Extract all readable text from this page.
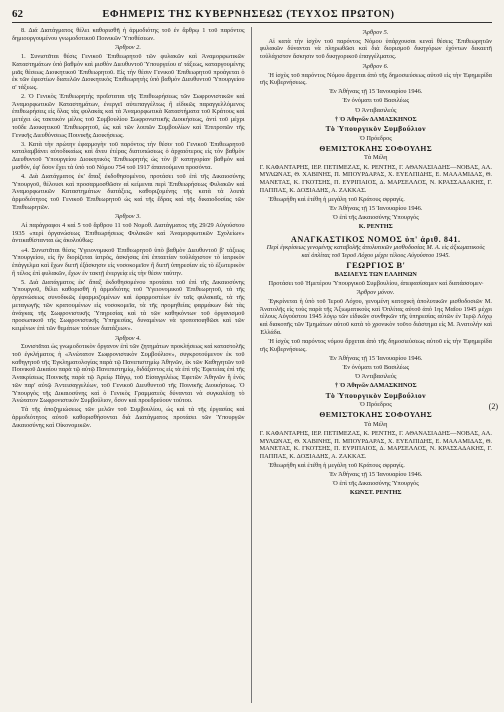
62	ΕΦΗΜΕΡΙΣ ΤΗΣ ΚΥΒΕΡΝΗΣΕΩΣ (ΤΕΥΧΟΣ ΠΡΩΤΟΝ)

8. Διά Διατάγματος θέλει καθορισθῆ ἡ ἀρμοδιότης τοῦ ἐν ἄρθρῳ 1 τοῦ παρόντος δημιουργουμένου γνωμοδοτικοῦ Ποινικῶν Ὑποθέσεων.

Ἄρθρον 2.

1. Συνιστᾶται θέσις Γενικοῦ Ἐπιθεωρητοῦ τῶν φυλακῶν καὶ Ἀναμορφωτικῶν Καταστημάτων ὑπὸ βαθμὸν καὶ μισθὸν Διευθυντοῦ Ὑπουργείου α' τάξεως, καταργουμένης μιᾶς θέσεως Διοικητικοῦ Ἐπιθεωρητοῦ. Εἰς τὴν θέσιν Γενικοῦ Ἐπιθεωρητοῦ προάγεται ὁ ἐκ τῶν ἐφεστίων διατελῶν Διοικητικὸς Ἐπιθεωρητὴς ὑπὸ βαθμὸν Διευθυντοῦ Ὑπουργείου α' τάξεως.

2. Ὁ Γενικὸς Ἐπιθεωρητὴς προΐσταται τῆς Ἐπιθεωρήσεως τῶν Σωφρονιστικῶν καὶ Ἀναμορφωτικῶν Καταστημάτων, ἐνεργεῖ αὐτεπαγγέλτως ἢ εἰδικῶς παραγγελλόμενος ἐπιθεωρήσεις εἰς ὅλας τὰς φυλακὰς καὶ τὰ Ἀναμορφωτικὰ Καταστήματα τοῦ Κράτους καὶ μετέχει ὡς τακτικὸν μέλος τοῦ Συμβουλίου Σωφρονιστικῆς Διοικήσεως, ἀντὶ τοῦ μέχρι τοῦδε Διοικητικοῦ Ἐπιθεωρητοῦ, ὡς καὶ τῶν λοιπῶν Συμβουλίων καὶ Ἐπιτροπῶν τῆς Γενικῆς Διευθύνσεως Ποινικῆς Διοικήσεως.

3. Κατὰ τὴν πρώτην ἐφαρμογὴν τοῦ παρόντος τὴν θέσιν τοῦ Γενικοῦ Ἐπιθεωρητοῦ καταλαμβάνει αὐτοδικαίως καὶ ἄνευ ἑτέρας διατυπώσεως ὁ ἀρχαιότερος εἰς τὸν βαθμὸν Διευθυντοῦ Ὑπουργείου Διοικητικὸς Ἐπιθεωρητὴς ὡς τὸν β' κατηγορίαν βαθμὸν καὶ μισθόν, ἐφ' ὅσον ἔχει τὰ ὑπὸ τοῦ Νόμου 754 τοῦ 1917 ἀπαιτούμενα προσόντα.

4. Διὰ Διατάγματος ἐκ' ἅπαξ ἐκδοθησομένου, προτάσει τοῦ ἐπὶ τῆς Δικαιοσύνης Ὑπουργοῦ, θέλουσι καὶ προσαρμοσθῶσιν αἱ κείμεναι περὶ Ἐπιθεωρήσεως Φυλακῶν καὶ Ἀναμορφωτικῶν Καταστημάτων διατάξεις, καθοριζομένης τῆς κατὰ τὰ λοιπὰ ἀρμοδιότητος τοῦ Γενικοῦ Ἐπιθεωρητοῦ ὡς καὶ τῆς ἕδρας καὶ τῆς δικαιοδοσίας τῶν Ἐπιθεωρητῶν.

Ἄρθρον 3.

Αἱ παράγραφοι 4 καὶ 5 τοῦ ἄρθρου 11 τοῦ Νομοθ. Διατάγματος τῆς 29/29 Αὐγούστου 1935 «περὶ ὀργανώσεως Ἐπιθεωρήσεως Φυλακῶν καὶ Ἀναμορφωτικῶν Σχολείων» ἀντικαθίστανται ὡς ἀκολούθως:

«4. Συνιστᾶται θέσις Ὑγειονομικοῦ Ἐπιθεωρητοῦ ὑπὸ βαθμὸν Διευθυντοῦ β' τάξεως Ὑπουργείου, εἰς ἣν διορίζεται ἰατρὸς, ἀσκήσας ἐπὶ ἑπταετίαν τοὐλάχιστον τὸ ἰατρικὸν ἐπάγγελμα καὶ ἔχων διετῆ ἐξάσκησιν εἰς νοσοκομεῖον ἢ διετῆ ὑπηρεσίαν εἰς τὸ ἐξωτερικὸν ἢ τέλος ἐπὶ φυλακῶν, ἔχων ἐν τακτῇ ἐνεργείᾳ εἰς τὴν θέσιν ταύτην.

5. Διὰ Διατάγματος ἐκ' ἅπαξ ἐκδοθησομένου προτάσει τοῦ ἐπὶ τῆς Δικαιοσύνης Ὑπουργοῦ, θέλει καθορισθῆ ἡ ἀρμοδιότης τοῦ Ὑγειονομικοῦ Ἐπιθεωρητοῦ, τὰ τῆς ὀργανώσεως συνοδικῶς ἐφαρμοζομένων καὶ ἐφαρμοστέων ἐν ταῖς φυλακαῖς, τὰ τῆς μεταγωγῆς τῶν κρατουμένων εἰς νοσοκομεῖα, τὰ τῆς προμηθείας φαρμάκων διὰ τὰς ἀνάγκας τῆς Σωφρονιστικῆς Ὑπηρεσίας καὶ τὰ τῶν καθηκόντων τοῦ ὀργανισμοῦ προσωπικοῦ τῆς Σωφρονιστικῆς Ὑπηρεσίας, δυναμένων νὰ τροποποιηθῶσι καὶ τῶν κειμένων ἐπὶ τῶν θεμάτων τούτων διατάξεων».

Ἄρθρον 4.

Συνιστᾶται ὡς γνωμοδοτικὸν ὄργανον ἐπὶ τῶν ζητημάτων προκλήσεως καὶ καταστολῆς τοῦ ἐγκλήματος ἡ «Ἀνώτατον Σωφρονιστικὸν Συμβούλιον», συγκροτούμενον ἐκ τοῦ καθηγητοῦ τῆς Ἐγκληματολογίας παρὰ τῷ Πανεπιστημίῳ Ἀθηνῶν, ἐκ τῶν Καθηγητῶν τοῦ Ποινικοῦ Δικαίου παρὰ τῷ αὐτῷ Πανεπιστημίῳ, διδάξαντος εἰς τὰ ἐπὶ τῆς Ἐφετείας ἐπὶ τῆς Ἀνακρίσεως Ποινικῆς παρὰ τῷ Ἀρείῳ Πάγῳ, τοῦ Εἰσαγγελέως Ἐφετῶν Ἀθηνῶν ἢ ἑνὸς τῶν παρ' αὐτῷ Ἀντεισαγγελέων, τοῦ Γενικοῦ Διευθυντοῦ τῆς Ποινικῆς Διοικήσεως. Ὁ Ὑπουργὸς τῆς Δικαιοσύνης καὶ ὁ Γενικὸς Γραμματεὺς δύνανται νὰ συγκαλέσῃ τὸ Ἀνώτατον Σωφρονιστικὸν Συμβούλιον, ὅσον καὶ προεδρεύουν τούτου.

Τὰ τῆς ἀποζημιώσεως τῶν μελῶν τοῦ Συμβουλίου, ὡς καὶ τὰ τῆς ἐργασίας καὶ ἀρμοδιότητος αὐτοῦ καθορισθήσονται διὰ Διατάγματος προτάσει τῶν Ὑπουργῶν Δικαιοσύνης καὶ Οἰκονομικῶν.

Ἄρθρον 5.

Αἱ κατὰ τὴν ἰσχὺν τοῦ παρόντος Νόμου ὑπάρχουσαι κεναὶ θέσεις Ἐπιθεωρητῶν φυλακῶν δύνανται νὰ πληρωθῶσι καὶ διὰ διορισμοῦ δικηγόρων ἐχόντων δεκαετῆ τοὐλάχιστον ἄσκησιν τοῦ δικηγορικοῦ ἐπαγγέλματος.

Ἄρθρον 6.

Ἡ ἰσχὺς τοῦ παρόντος Νόμου ἄρχεται ἀπὸ τῆς δημοσιεύσεως αὐτοῦ εἰς τὴν Ἐφημερίδα τῆς Κυβερνήσεως.

Ἐν Ἀθήναις τῇ 15 Ἰανουαρίου 1946.

Ἐν ὀνόματι τοῦ Βασιλέως

Ὁ Ἀντιβασιλεύς

† Ὁ Ἀθηνῶν ΔΑΜΑΣΚΗΝΟΣ

Τὸ Ὑπουργικὸν Συμβούλιον

Ὁ Πρόεδρος

ΘΕΜΙΣΤΟΚΛΗΣ ΣΟΦΟΥΛΗΣ

Τὰ Μέλη

Γ. ΚΑΦΑΝΤΑΡΗΣ, ΙΕΡ. ΠΕΤΙΜΕΖΑΣ, Κ. ΡΕΝΤΗΣ, Γ. ΑΘΑΝΑΣΙΑΔΗΣ—ΝΟΒΑΣ, ΑΛ. ΜΥΛΩΝΑΣ, Θ. ΧΑΒΙΝΗΣ, Π. ΜΠΟΥΡΔΑΡΑΣ, Χ. ΕΥΕΛΠΙΔΗΣ, Ε. ΜΑΛΑΜΙΔΑΣ, Θ. ΜΑΝΕΤΑΣ, Κ. ΓΚΟΤΣΗΣ, Π. ΕΥΡΙΠΑΙΟΣ, Δ. ΜΑΡΣΕΛΛΟΣ, Ν. ΚΡΑΣΣΑΔΑΚΗΣ, Γ. ΠΑΠΠΑΣ, Κ. ΔΟΞΙΑΔΗΣ, Α. ΖΑΚΚΑΣ.

Ἐθεωρήθη καὶ ἐτέθη ἡ μεγάλη τοῦ Κράτους σφραγίς.

Ἐν Ἀθήναις τῇ 15 Ἰανουαρίου 1946.

Ὁ ἐπὶ τῆς Δικαιοσύνης Ὑπουργός

Κ. ΡΕΝΤΗΣ

ΑΝΑΓΚΑΣΤΙΚΟΣ ΝΟΜΟΣ ὑπ' ἀριθ. 841.

Περὶ ἐγκρίσεως γενομένης καταβολῆς ἀπολυτικῶν μισθοδοσίας Μ. Α. εἰς ἀξιωματικοὺς καὶ ὁπλίτας τοῦ Ἱεροῦ Λόχου μέχρι τέλους Αὐγούστου 1945.

ΓΕΩΡΓΙΟΣ Β'

ΒΑΣΙΛΕΥΣ ΤΩΝ ΕΛΛΗΝΩΝ

Προτάσει τοῦ Ἡμετέρου Ὑπουργικοῦ Συμβουλίου, ἀπεφασίσαμεν καὶ διατάσσομεν·

Ἄρθρον μόνον.

Ἐγκρίνεται ἡ ὑπὸ τοῦ Ἱεροῦ Λόχου, γενομένη κατοχικὴ ἀπολυτικῶν μισθοδοσιῶν Μ. Ἀνατολῆς εἰς τοὺς παρὰ τῆς Ἀξιωματικοὺς καὶ Ὁπλίτας αὐτοῦ ἀπὸ 1ης Μαΐου 1945 μέχρι τέλους Αὐγούστου 1945 λόγῳ τῶν εἰδικῶν συνθηκῶν τῆς ὑπηρεσίας αὐτῶν ἐν Ἱερῷ Λόχῳ καὶ διακοπῆς τῶν Τμημάτων αὐτοῦ κατὰ τὸ χρονικὸν τοῦτο διάστημα εἰς Μ. Ἀνατολὴν καὶ Ἑλλάδα.

Ἡ ἰσχὺς τοῦ παρόντος νόμου ἄρχεται ἀπὸ τῆς δημοσιεύσεως αὐτοῦ εἰς τὴν Ἐφημερίδα τῆς Κυβερνήσεως.

Ἐν Ἀθήναις τῇ 15 Ἰανουαρίου 1946.

Ἐν ὀνόματι τοῦ Βασιλέως

Ὁ Ἀντιβασιλεύς

† Ὁ Ἀθηνῶν ΔΑΜΑΣΚΗΝΟΣ

Τὸ Ὑπουργικὸν Συμβούλιον

Ὁ Πρόεδρος

ΘΕΜΙΣΤΟΚΛΗΣ ΣΟΦΟΥΛΗΣ

Τὰ Μέλη

Γ. ΚΑΦΑΝΤΑΡΗΣ, ΙΕΡ. ΠΕΤΙΜΕΖΑΣ, Κ. ΡΕΝΤΗΣ, Γ. ΑΘΑΝΑΣΙΑΔΗΣ—ΝΟΒΑΣ, ΑΛ. ΜΥΛΩΝΑΣ, Θ. ΧΑΒΙΝΗΣ, Π. ΜΠΟΥΡΔΑΡΑΣ, Χ. ΕΥΕΛΠΙΔΗΣ, Ε. ΜΑΛΑΜΙΔΑΣ, Θ. ΜΑΝΕΤΑΣ, Κ. ΓΚΟΤΣΗΣ, Π. ΕΥΡΙΠΑΙΟΣ, Δ. ΜΑΡΣΕΛΛΟΣ, Ν. ΚΡΑΣΣΑΔΑΚΗΣ, Γ. ΠΑΠΠΑΣ, Κ. ΔΟΞΙΑΔΗΣ, Α. ΖΑΚΚΑΣ.

Ἐθεωρήθη καὶ ἐτέθη ἡ μεγάλη τοῦ Κράτους σφραγίς.

Ἐν Ἀθήναις τῇ 15 Ἰανουαρίου 1946.

Ὁ ἐπὶ τῆς Δικαιοσύνης Ὑπουργός

ΚΩΝΣΤ. ΡΕΝΤΗΣ

(2)
